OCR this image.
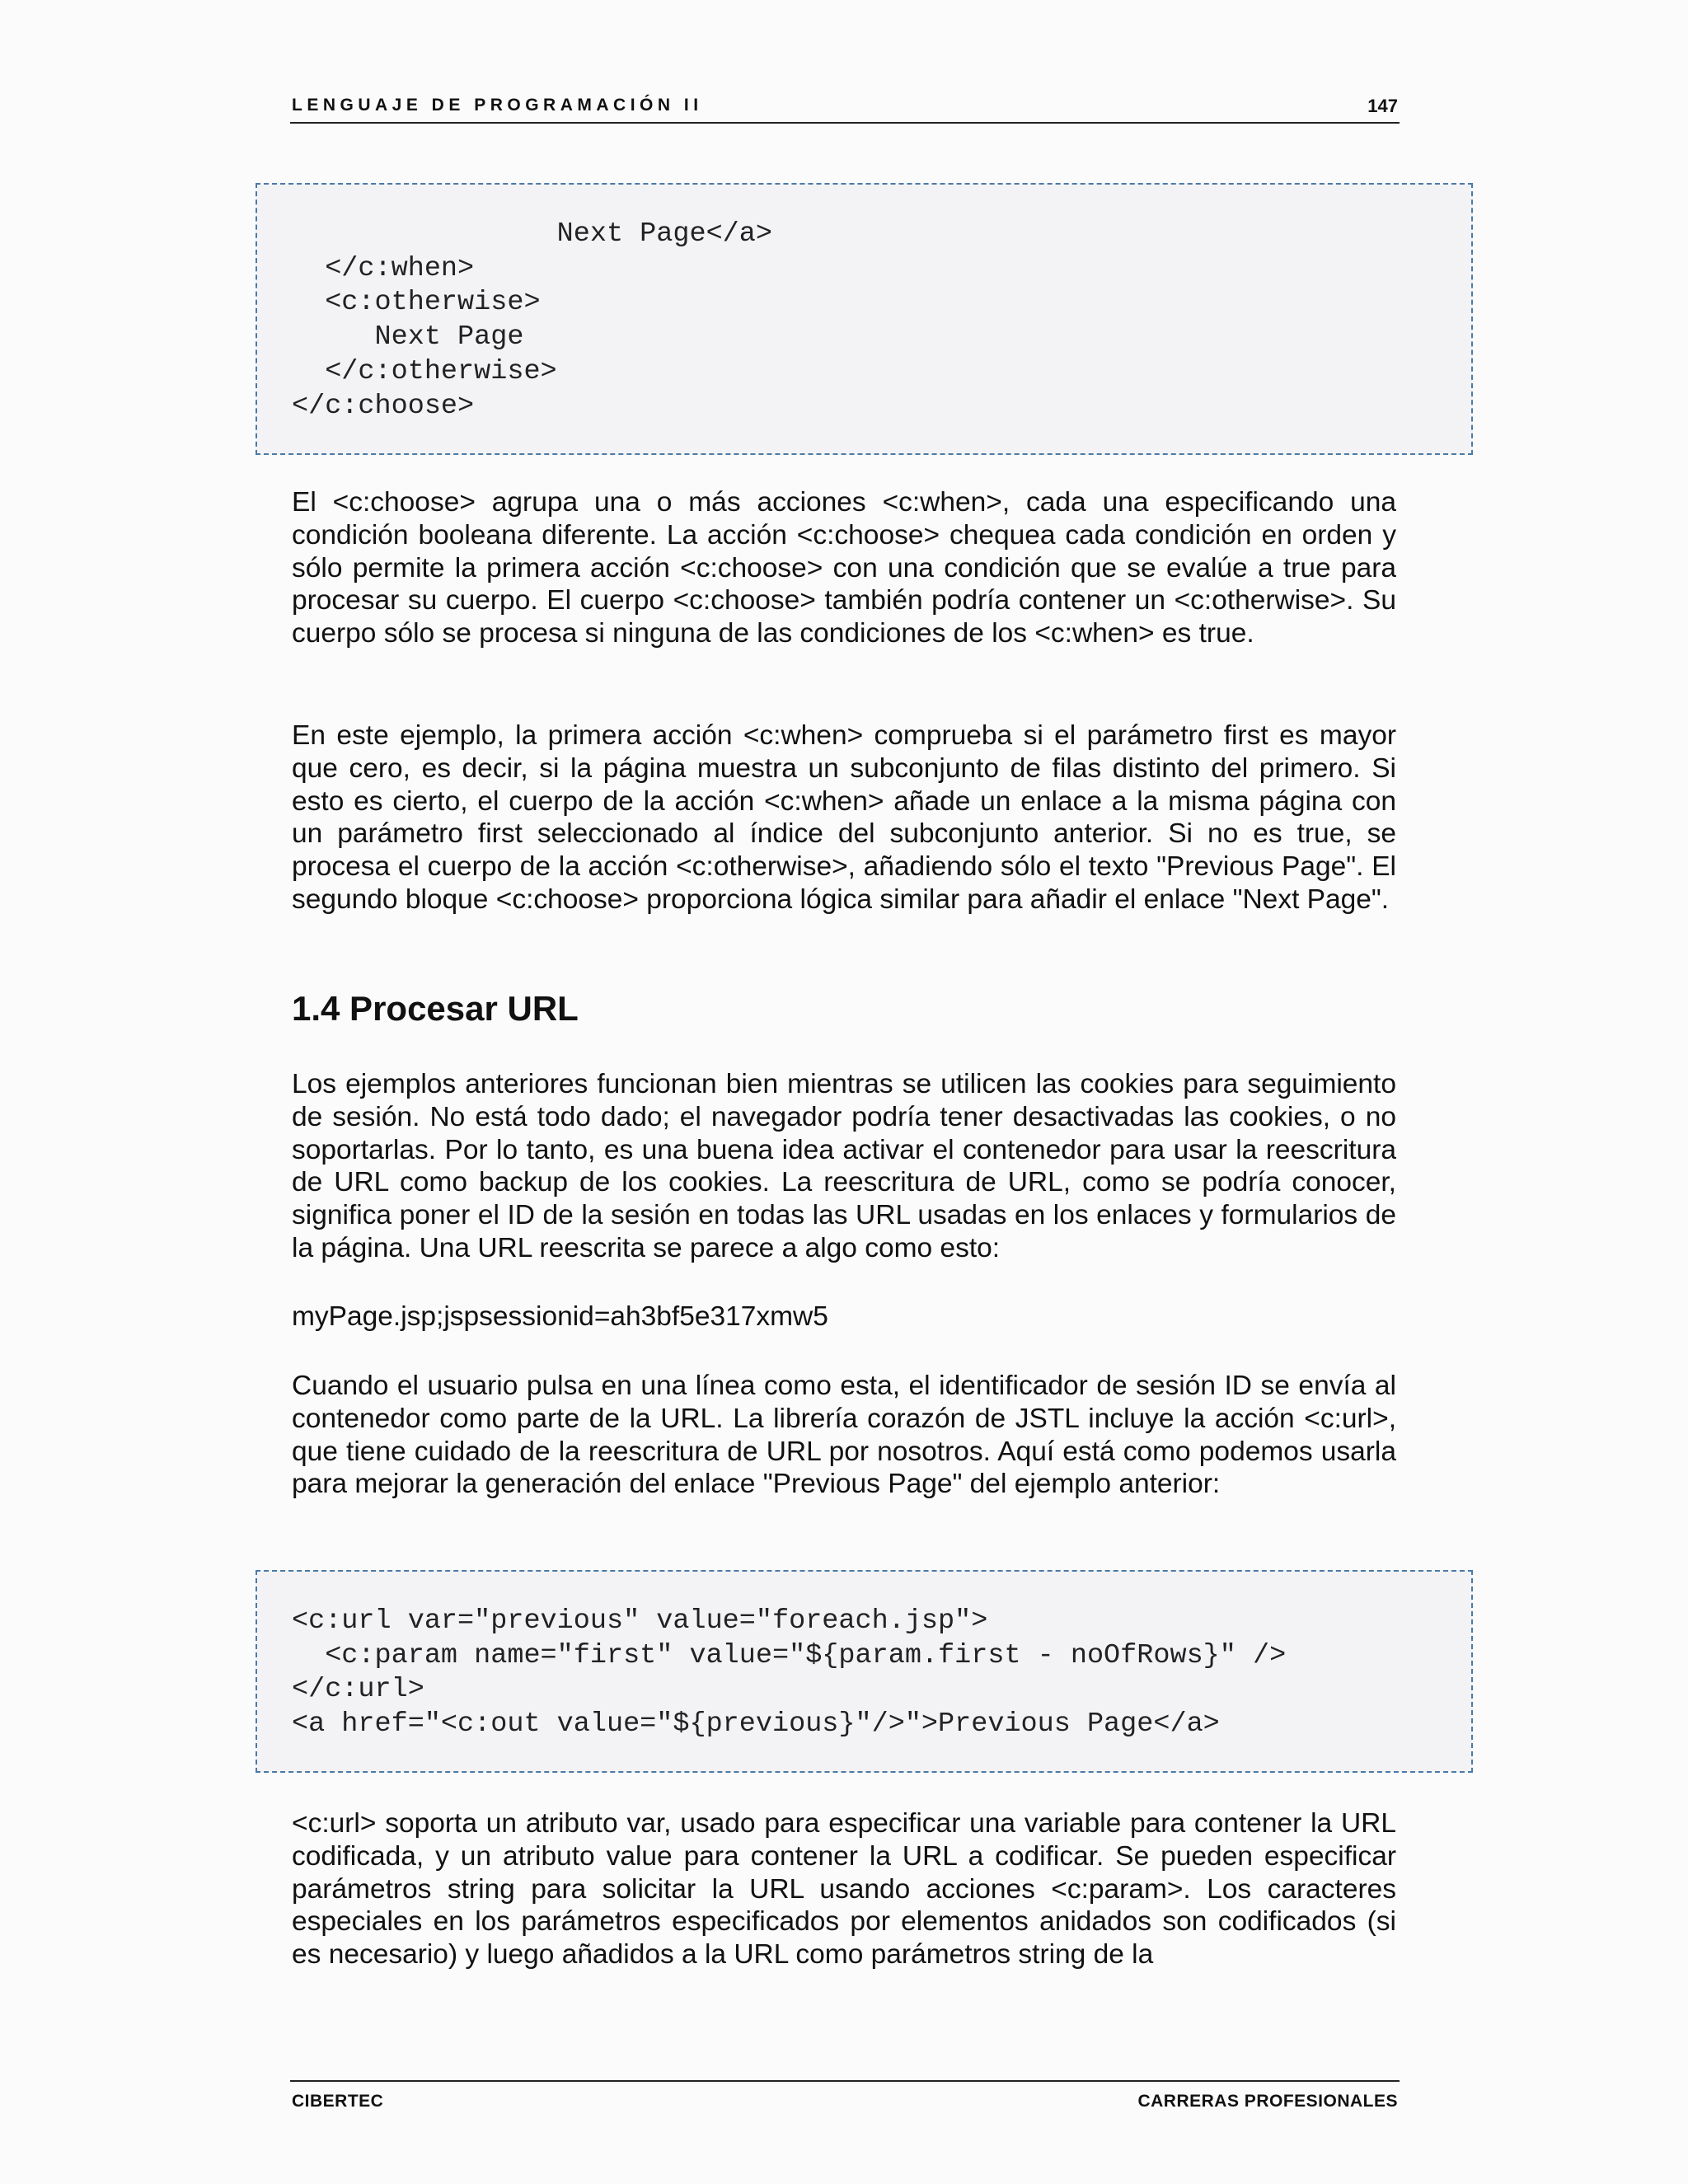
LENGUAJE DE PROGRAMACIÓN II	147
Next Page</a>
</c:when>
<c:otherwise>
Next Page
</c:otherwise>
</c:choose>

El <c:choose> agrupa una o más acciones <c:when>, cada una especificando una condición booleana diferente. La acción <c:choose> chequea cada condición en orden y sólo permite la primera acción <c:choose> con una condición que se evalúe a true para procesar su cuerpo. El cuerpo <c:choose> también podría contener un <c:otherwise>. Su cuerpo sólo se procesa si ninguna de las condiciones de los <c:when> es true.

En este ejemplo, la primera acción <c:when> comprueba si el parámetro first es mayor que cero, es decir, si la página muestra un subconjunto de filas distinto del primero. Si esto es cierto, el cuerpo de la acción <c:when> añade un enlace a la misma página con un parámetro first seleccionado al índice del subconjunto anterior. Si no es true, se procesa el cuerpo de la acción <c:otherwise>, añadiendo sólo el texto "Previous Page". El segundo bloque <c:choose> proporciona lógica similar para añadir el enlace "Next Page".

1.4 Procesar URL

Los ejemplos anteriores funcionan bien mientras se utilicen las cookies para seguimiento de sesión. No está todo dado; el navegador podría tener desactivadas las cookies, o no soportarlas. Por lo tanto, es una buena idea activar el contenedor para usar la reescritura de URL como backup de los cookies. La reescritura de URL, como se podría conocer, significa poner el ID de la sesión en todas las URL usadas en los enlaces y formularios de la página. Una URL reescrita se parece a algo como esto:

myPage.jsp;jspsessionid=ah3bf5e317xmw5

Cuando el usuario pulsa en una línea como esta, el identificador de sesión ID se envía al contenedor como parte de la URL. La librería corazón de JSTL incluye la acción <c:url>, que tiene cuidado de la reescritura de URL por nosotros. Aquí está como podemos usarla para mejorar la generación del enlace "Previous Page" del ejemplo anterior:

<c:url var="previous" value="foreach.jsp">
<c:param name="first" value="${param.first - noOfRows}" />
</c:url>
<a href="<c:out value="${previous}"/>">Previous Page</a>

<c:url> soporta un atributo var, usado para especificar una variable para contener la URL codificada, y un atributo value para contener la URL a codificar. Se pueden especificar parámetros string para solicitar la URL usando acciones <c:param>. Los caracteres especiales en los parámetros especificados por elementos anidados son codificados (si es necesario) y luego añadidos a la URL como parámetros string de la

CIBERTEC	CARRERAS PROFESIONALES
